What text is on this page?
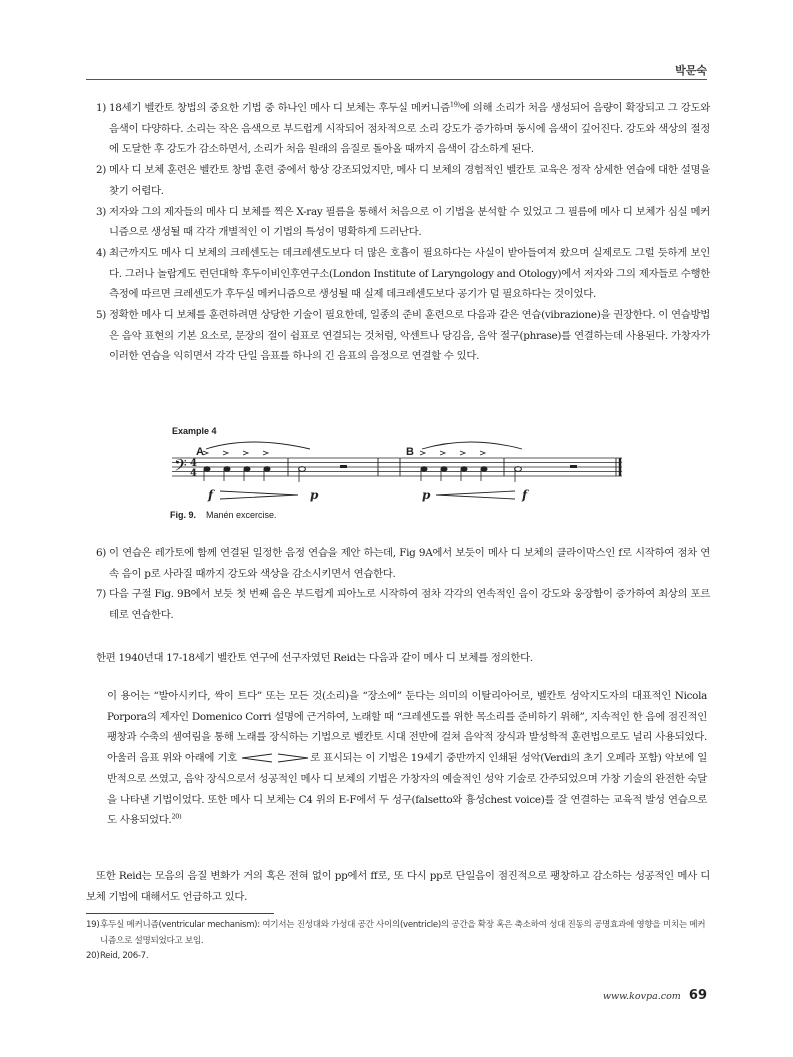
박문숙
1) 18세기 벨칸토 창법의 중요한 기법 중 하나인 메사 디 보체는 후두실 메커니즘$^{19)}$에 의해 소리가 처음 생성되어 음량이 확장되고 그 강도와 음색이 다양하다. 소리는 작은 음색으로 부드럽게 시작되어 점차적으로 소리 강도가 증가하며 동시에 음색이 깊어진다. 강도와 색상의 절정에 도달한 후 강도가 감소하면서, 소리가 처음 원래의 음질로 돌아올 때까지 음색이 감소하게 된다.
2) 메사 디 보체 훈련은 벨칸토 창법 훈련 중에서 항상 강조되었지만, 메사 디 보체의 경험적인 벨칸토 교육은 정작 상세한 연습에 대한 설명을 찾기 어렵다.
3) 저자와 그의 제자들의 메사 디 보체를 찍은 X-ray 필름을 통해서 처음으로 이 기법을 분석할 수 있었고 그 필름에 메사 디 보체가 심실 메커니즘으로 생성될 때 각각 개별적인 이 기법의 특성이 명확하게 드러난다.
4) 최근까지도 메사 디 보체의 크레센도는 데크레센도보다 더 많은 호흡이 필요하다는 사실이 받아들여져 왔으며 실제로도 그럴 듯하게 보인다. 그러나 놀랍게도 런던대학 후두이비인후연구소(London Institute of Laryngology and Otology)에서 저자와 그의 제자들로 수행한 측정에 따르면 크레센도가 후두실 메커니즘으로 생성될 때 실제 데크레센도보다 공기가 덜 필요하다는 것이었다.
5) 정확한 메사 디 보체를 훈련하려면 상당한 기술이 필요한데, 일종의 준비 훈련으로 다음과 같은 연습(vibrazione)을 권장한다. 이 연습방법은 음악 표현의 기본 요소로, 문장의 절이 쉼표로 연결되는 것처럼, 악센트나 당김음, 음악 절구(phrase)를 연결하는데 사용된다. 가창자가 이러한 연습을 익히면서 각각 단일 음표를 하나의 긴 음표의 음정으로 연결할 수 있다.
Example 4
A	B
𝄢 4
4
f	p	p	f
Fig. 9. Manén excercise.
6) 이 연습은 레가토에 함께 연결된 일정한 음정 연습을 제안 하는데, Fig 9A에서 보듯이 메사 디 보체의 클라이막스인 f로 시작하여 점차 연속 음이 p로 사라질 때까지 강도와 색상을 감소시키면서 연습한다.
7) 다음 구절 Fig. 9B에서 보듯 첫 번째 음은 부드럽게 피아노로 시작하여 점차 각각의 연속적인 음이 강도와 웅장함이 증가하여 최상의 포르테로 연습한다.
한편 1940년대 17-18세기 벨칸토 연구에 선구자였던 Reid는 다음과 같이 메사 디 보체를 정의한다.
이 용어는 “발아시키다, 싹이 트다” 또는 모든 것(소리)을 “장소에” 둔다는 의미의 이탈리아어로, 벨칸토 성악지도자의 대표적인 Nicola Porpora의 제자인 Domenico Corri 설명에 근거하여, 노래할 때 “크레센도를 위한 목소리를 준비하기 위해”, 지속적인 한 음에 점진적인 팽창과 수축의 셈여림을 통해 노래를 장식하는 기법으로 벨칸토 시대 전반에 걸쳐 음악적 장식과 발성학적 훈련법으로도 널리 사용되었다. 아울러 음표 위와 아래에 기호	로 표시되는 이 기법은 19세기 중반까지 인쇄된 성악(Verdi의 초기 오페라 포함) 악보에 일반적으로 쓰였고, 음악 장식으로서 성공적인 메사 디 보체의 기법은 가창자의 예술적인 성악 기술로 간주되었으며 가창 기술의 완전한 숙달을 나타낸 기법이었다. 또한 메사 디 보체는 C4 위의 E-F에서 두 성구(falsetto와 흉성chest voice)를 잘 연결하는 교육적 발성 연습으로도 사용되었다.$^{20)}$
또한 Reid는 모음의 음질 변화가 거의 혹은 전혀 없이 pp에서 ff로, 또 다시 pp로 단일음이 점진적으로 팽창하고 감소하는 성공적인 메사 디 보체 기법에 대해서도 언급하고 있다.
19) 후두실 메커니즘(ventricular mechanism): 여기서는 진성대와 가성대 공간 사이의(ventricle)의 공간을 확장 혹은 축소하여 성대 진동의 공명효과에 영향을 미치는 메커니즘으로 설명되었다고 보임.
20) Reid, 206-7.
www.kovpa.com 69
